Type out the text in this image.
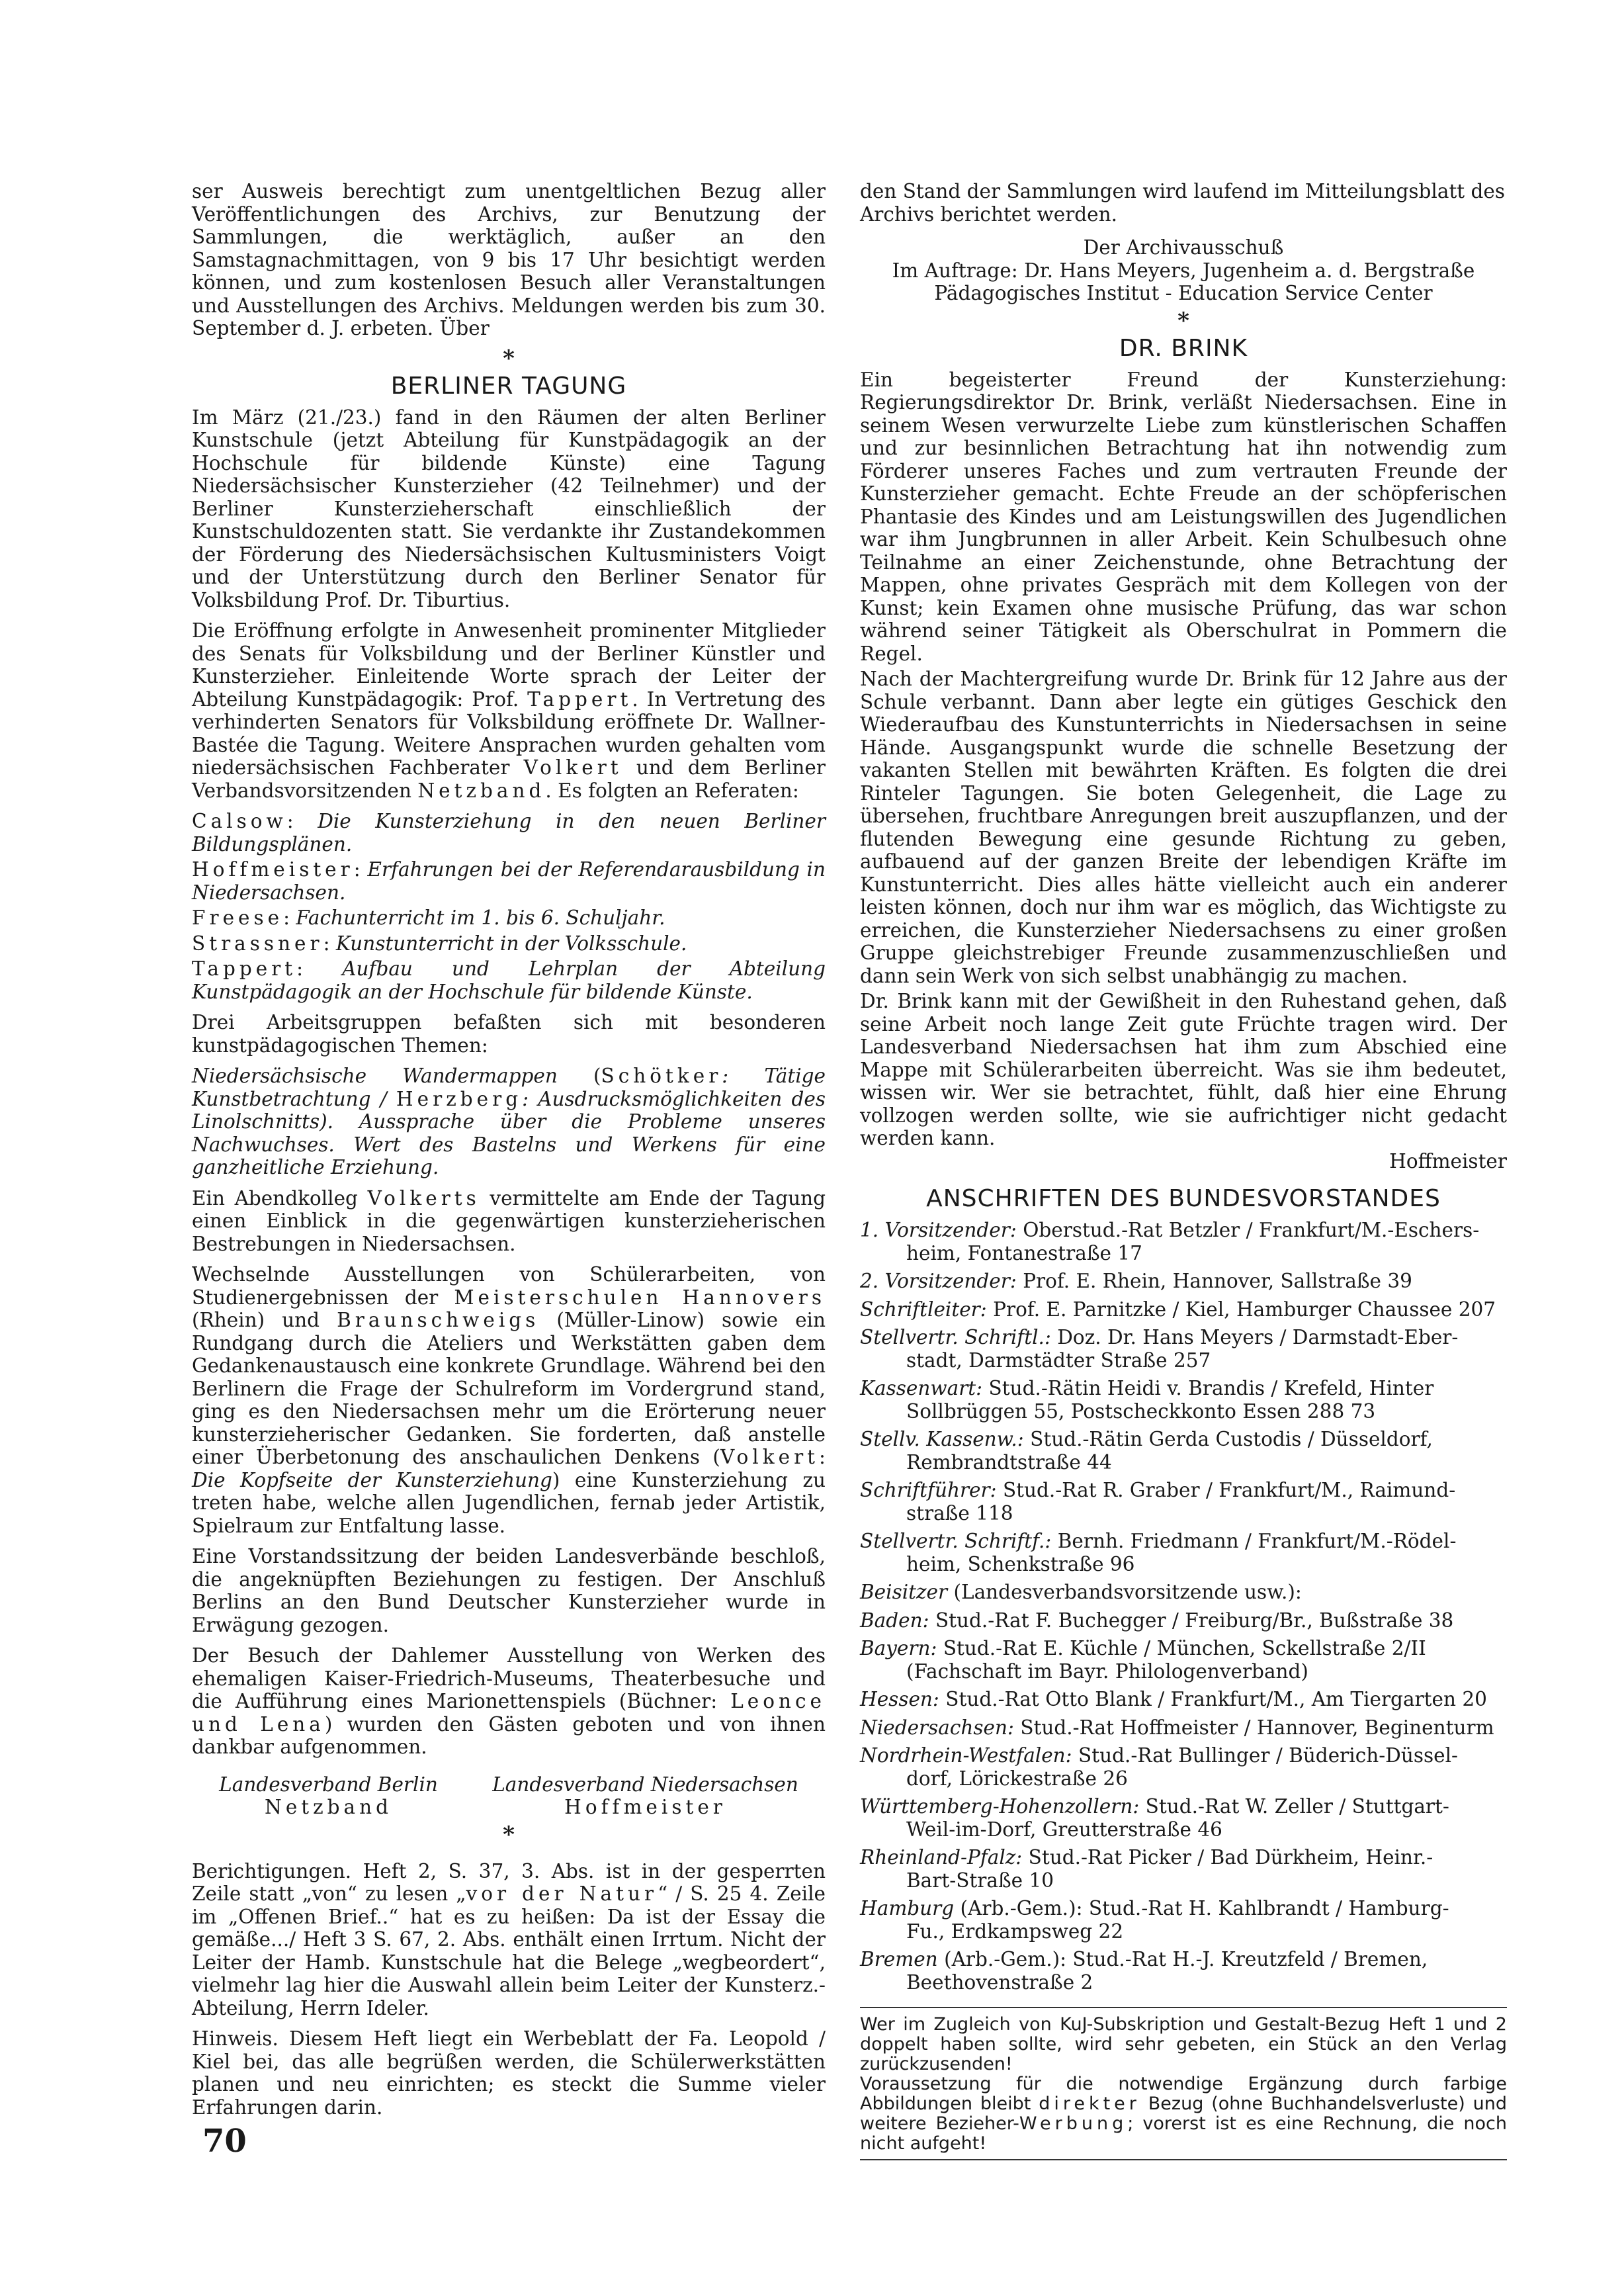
ser Ausweis berechtigt zum unentgeltlichen Bezug aller Veröffentlichungen des Archivs, zur Benutzung der Sammlungen, die werktäglich, außer an den Samstagnachmittagen, von 9 bis 17 Uhr besichtigt werden können, und zum kostenlosen Besuch aller Veranstaltungen und Ausstellungen des Archivs. Meldungen werden bis zum 30. September d. J. erbeten. Über

*
BERLINER TAGUNG

Im März (21./23.) fand in den Räumen der alten Berliner Kunstschule (jetzt Abteilung für Kunstpädagogik an der Hochschule für bildende Künste) eine Tagung Niedersächsischer Kunsterzieher (42 Teilnehmer) und der Berliner Kunsterzieherschaft einschließlich der Kunstschuldozenten statt. Sie verdankte ihr Zustandekommen der Förderung des Niedersächsischen Kultusministers Voigt und der Unterstützung durch den Berliner Senator für Volksbildung Prof. Dr. Tiburtius.

Die Eröffnung erfolgte in Anwesenheit prominenter Mitglieder des Senats für Volksbildung und der Berliner Künstler und Kunsterzieher. Einleitende Worte sprach der Leiter der Abteilung Kunstpädagogik: Prof. Tappert. In Vertretung des verhinderten Senators für Volksbildung eröffnete Dr. Wallner-Bastée die Tagung. Weitere Ansprachen wurden gehalten vom niedersächsischen Fachberater Volkert und dem Berliner Verbandsvorsitzenden Netzband. Es folgten an Referaten:

Calsow: Die Kunsterziehung in den neuen Berliner Bildungsplänen.
Hoffmeister: Erfahrungen bei der Referendarausbildung in Niedersachsen.
Freese: Fachunterricht im 1. bis 6. Schuljahr.
Strassner: Kunstunterricht in der Volksschule.
Tappert: Aufbau und Lehrplan der Abteilung Kunstpädagogik an der Hochschule für bildende Künste.

Drei Arbeitsgruppen befaßten sich mit besonderen kunstpädagogischen Themen:

Niedersächsische Wandermappen (Schötker: Tätige Kunstbetrachtung / Herzberg: Ausdrucksmöglichkeiten des Linolschnitts). Aussprache über die Probleme unseres Nachwuchses. Wert des Bastelns und Werkens für eine ganzheitliche Erziehung.

Ein Abendkolleg Volkerts vermittelte am Ende der Tagung einen Einblick in die gegenwärtigen kunsterzieherischen Bestrebungen in Niedersachsen.

Wechselnde Ausstellungen von Schülerarbeiten, von Studienergebnissen der Meisterschulen Hannovers (Rhein) und Braunschweigs (Müller-Linow) sowie ein Rundgang durch die Ateliers und Werkstätten gaben dem Gedankenaustausch eine konkrete Grundlage. Während bei den Berlinern die Frage der Schulreform im Vordergrund stand, ging es den Niedersachsen mehr um die Erörterung neuer kunsterzieherischer Gedanken. Sie forderten, daß anstelle einer Überbetonung des anschaulichen Denkens (Volkert: Die Kopfseite der Kunsterziehung) eine Kunsterziehung zu treten habe, welche allen Jugendlichen, fernab jeder Artistik, Spielraum zur Entfaltung lasse.

Eine Vorstandssitzung der beiden Landesverbände beschloß, die angeknüpften Beziehungen zu festigen. Der Anschluß Berlins an den Bund Deutscher Kunsterzieher wurde in Erwägung gezogen.

Der Besuch der Dahlemer Ausstellung von Werken des ehemaligen Kaiser-Friedrich-Museums, Theaterbesuche und die Aufführung eines Marionettenspiels (Büchner: Leonce und Lena) wurden den Gästen geboten und von ihnen dankbar aufgenommen.

Landesverband Berlin
Netzband
Landesverband Niedersachsen
Hoffmeister
*

Berichtigungen. Heft 2, S. 37, 3. Abs. ist in der gesperrten Zeile statt „von“ zu lesen „vor der Natur“ / S. 25 4. Zeile im „Offenen Brief..“ hat es zu heißen: Da ist der Essay die gemäße.../ Heft 3 S. 67, 2. Abs. enthält einen Irrtum. Nicht der Leiter der Hamb. Kunstschule hat die Belege „wegbeordert“, vielmehr lag hier die Auswahl allein beim Leiter der Kunsterz.-Abteilung, Herrn Ideler.

Hinweis. Diesem Heft liegt ein Werbeblatt der Fa. Leopold / Kiel bei, das alle begrüßen werden, die Schülerwerkstätten planen und neu einrichten; es steckt die Summe vieler Erfahrungen darin.

den Stand der Sammlungen wird laufend im Mitteilungsblatt des Archivs berichtet werden.

Der Archivausschuß
Im Auftrage: Dr. Hans Meyers, Jugenheim a. d. Bergstraße
Pädagogisches Institut - Education Service Center
*
DR. BRINK

Ein begeisterter Freund der Kunsterziehung: Regierungsdirektor Dr. Brink, verläßt Niedersachsen. Eine in seinem Wesen verwurzelte Liebe zum künstlerischen Schaffen und zur besinnlichen Betrachtung hat ihn notwendig zum Förderer unseres Faches und zum vertrauten Freunde der Kunsterzieher gemacht. Echte Freude an der schöpferischen Phantasie des Kindes und am Leistungswillen des Jugendlichen war ihm Jungbrunnen in aller Arbeit. Kein Schulbesuch ohne Teilnahme an einer Zeichenstunde, ohne Betrachtung der Mappen, ohne privates Gespräch mit dem Kollegen von der Kunst; kein Examen ohne musische Prüfung, das war schon während seiner Tätigkeit als Oberschulrat in Pommern die Regel.

Nach der Machtergreifung wurde Dr. Brink für 12 Jahre aus der Schule verbannt. Dann aber legte ein gütiges Geschick den Wiederaufbau des Kunstunterrichts in Niedersachsen in seine Hände. Ausgangspunkt wurde die schnelle Besetzung der vakanten Stellen mit bewährten Kräften. Es folgten die drei Rinteler Tagungen. Sie boten Gelegenheit, die Lage zu übersehen, fruchtbare Anregungen breit auszupflanzen, und der flutenden Bewegung eine gesunde Richtung zu geben, aufbauend auf der ganzen Breite der lebendigen Kräfte im Kunstunterricht. Dies alles hätte vielleicht auch ein anderer leisten können, doch nur ihm war es möglich, das Wichtigste zu erreichen, die Kunsterzieher Niedersachsens zu einer großen Gruppe gleichstrebiger Freunde zusammenzuschließen und dann sein Werk von sich selbst unabhängig zu machen.

Dr. Brink kann mit der Gewißheit in den Ruhestand gehen, daß seine Arbeit noch lange Zeit gute Früchte tragen wird. Der Landesverband Niedersachsen hat ihm zum Abschied eine Mappe mit Schülerarbeiten überreicht. Was sie ihm bedeutet, wissen wir. Wer sie betrachtet, fühlt, daß hier eine Ehrung vollzogen werden sollte, wie sie aufrichtiger nicht gedacht werden kann.

Hoffmeister
ANSCHRIFTEN DES BUNDESVORSTANDES
1. Vorsitzender: Oberstud.-Rat Betzler / Frankfurt/M.-Eschers-
heim, Fontanestraße 17
2. Vorsitzender: Prof. E. Rhein, Hannover, Sallstraße 39
Schriftleiter: Prof. E. Parnitzke / Kiel, Hamburger Chaussee 207
Stellvertr. Schriftl.: Doz. Dr. Hans Meyers / Darmstadt-Eber-
stadt, Darmstädter Straße 257
Kassenwart: Stud.-Rätin Heidi v. Brandis / Krefeld, Hinter
Sollbrüggen 55, Postscheckkonto Essen 288 73
Stellv. Kassenw.: Stud.-Rätin Gerda Custodis / Düsseldorf,
Rembrandtstraße 44
Schriftführer: Stud.-Rat R. Graber / Frankfurt/M., Raimund-
straße 118
Stellvertr. Schriftf.: Bernh. Friedmann / Frankfurt/M.-Rödel-
heim, Schenkstraße 96
Beisitzer (Landesverbandsvorsitzende usw.):
Baden: Stud.-Rat F. Buchegger / Freiburg/Br., Bußstraße 38
Bayern: Stud.-Rat E. Küchle / München, Sckellstraße 2/II
(Fachschaft im Bayr. Philologenverband)
Hessen: Stud.-Rat Otto Blank / Frankfurt/M., Am Tiergarten 20
Niedersachsen: Stud.-Rat Hoffmeister / Hannover, Beginenturm
Nordrhein-Westfalen: Stud.-Rat Bullinger / Büderich-Düssel-
dorf, Lörickestraße 26
Württemberg-Hohenzollern: Stud.-Rat W. Zeller / Stuttgart-
Weil-im-Dorf, Greutterstraße 46
Rheinland-Pfalz: Stud.-Rat Picker / Bad Dürkheim, Heinr.-
Bart-Straße 10
Hamburg (Arb.-Gem.): Stud.-Rat H. Kahlbrandt / Hamburg-
Fu., Erdkampsweg 22
Bremen (Arb.-Gem.): Stud.-Rat H.-J. Kreutzfeld / Bremen,
Beethovenstraße 2

Wer im Zugleich von KuJ-Subskription und Gestalt-Bezug Heft 1 und 2 doppelt haben sollte, wird sehr gebeten, ein Stück an den Verlag zurückzusenden!

Voraussetzung für die notwendige Ergänzung durch farbige Abbildungen bleibt direkter Bezug (ohne Buchhandelsverluste) und weitere Bezieher-Werbung; vorerst ist es eine Rechnung, die noch nicht aufgeht!

70
